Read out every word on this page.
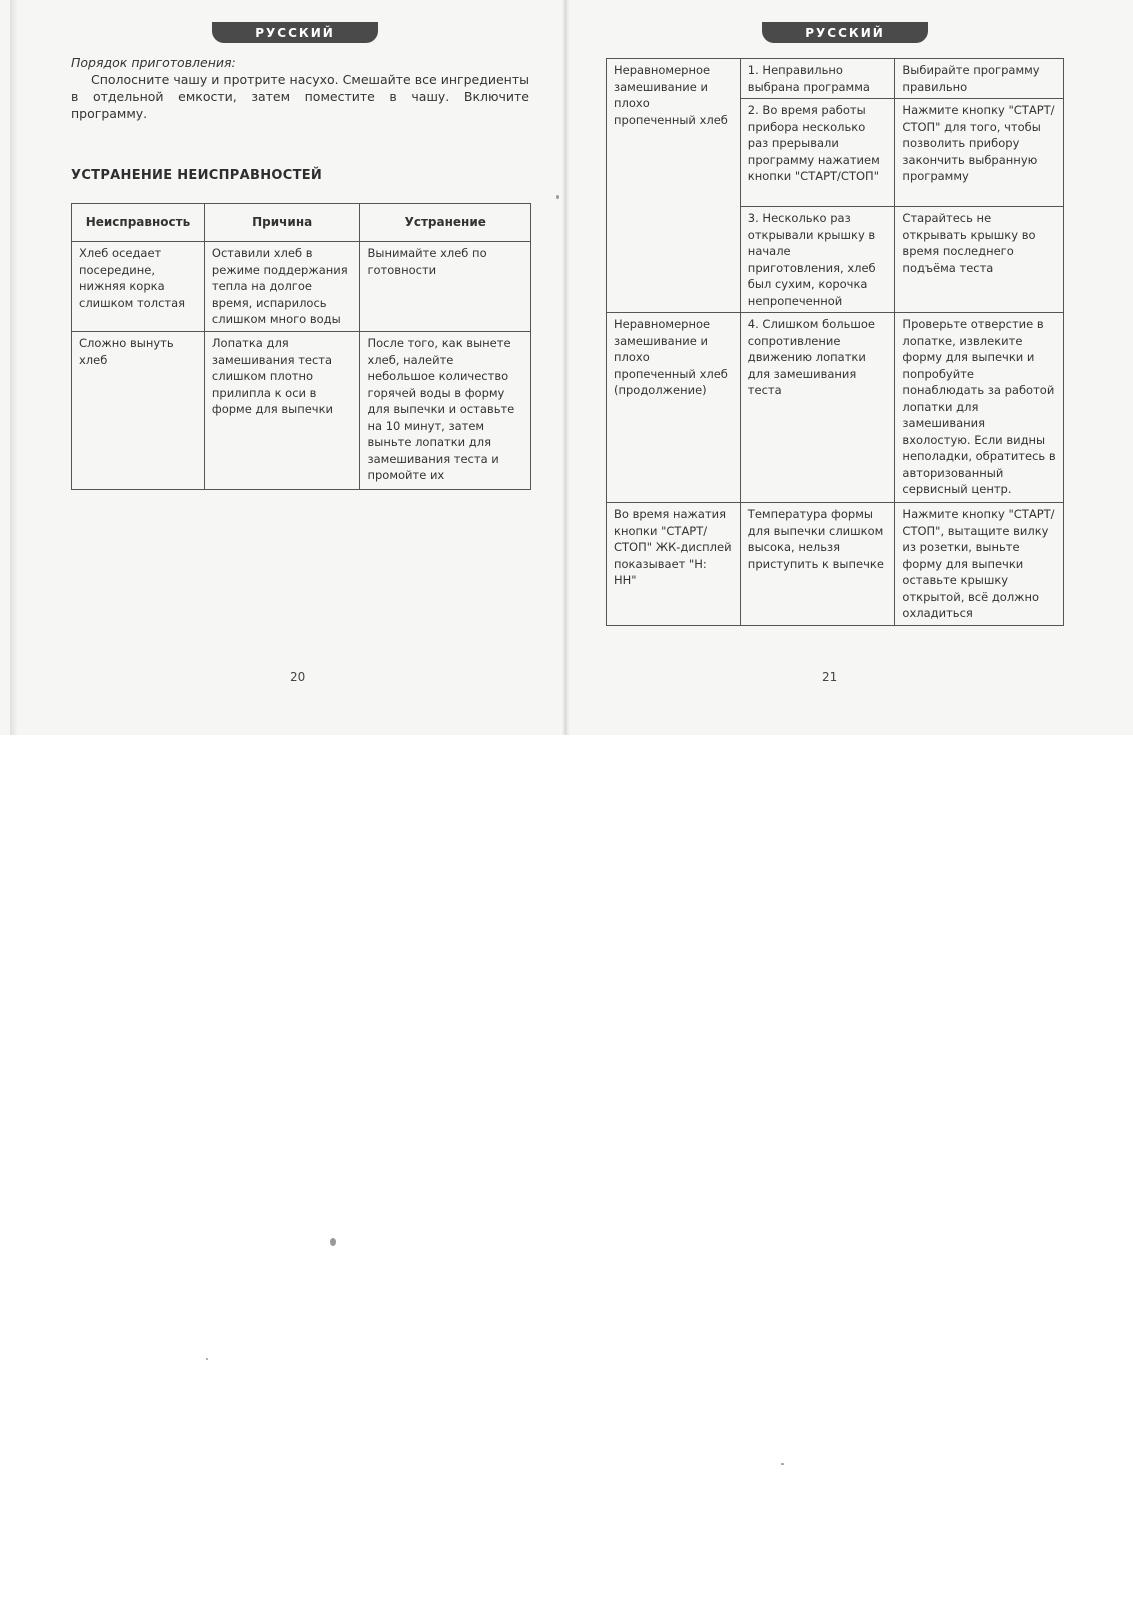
РУССКИЙ
Порядок приготовления:
Сполосните чашу и протрите насухо. Смешайте все ингредиенты в отдельной емкости, затем поместите в чашу. Включите программу.
УСТРАНЕНИЕ НЕИСПРАВНОСТЕЙ
Неисправность	Причина	Устранение
Хлеб оседает посередине, нижняя корка слишком толстая	Оставили хлеб в режиме поддержания тепла на долгое время, испарилось слишком много воды	Вынимайте хлеб по готовности
Сложно вынуть хлеб	Лопатка для замешивания теста слишком плотно прилипла к оси в форме для выпечки	После того, как вынете хлеб, налейте небольшое количество горячей воды в форму для выпечки и оставьте на 10 минут, затем выньте лопатки для замешивания теста и промойте их
20
РУССКИЙ
Неравномерное замешивание и плохо пропеченный хлеб	1. Неправильно выбрана программа	Выбирайте программу правильно
	2. Во время работы прибора несколько раз прерывали программу нажатием кнопки "СТАРТ/СТОП"	Нажмите кнопку "СТАРТ/СТОП" для того, чтобы позволить прибору закончить выбранную программу
	3. Несколько раз открывали крышку в начале приготовления, хлеб был сухим, корочка непропеченной	Старайтесь не открывать крышку во время последнего подъёма теста
Неравномерное замешивание и плохо пропеченный хлеб (продолжение)	4. Слишком большое сопротивление движению лопатки для замешивания теста	Проверьте отверстие в лопатке, извлеките форму для выпечки и попробуйте понаблюдать за работой лопатки для замешивания вхолостую. Если видны неполадки, обратитесь в авторизованный сервисный центр.
Во время нажатия кнопки "СТАРТ/СТОП" ЖК-дисплей показывает "Н: НН"	Температура формы для выпечки слишком высока, нельзя приступить к выпечке	Нажмите кнопку "СТАРТ/СТОП", вытащите вилку из розетки, выньте форму для выпечки оставьте крышку открытой, всё должно охладиться
21
